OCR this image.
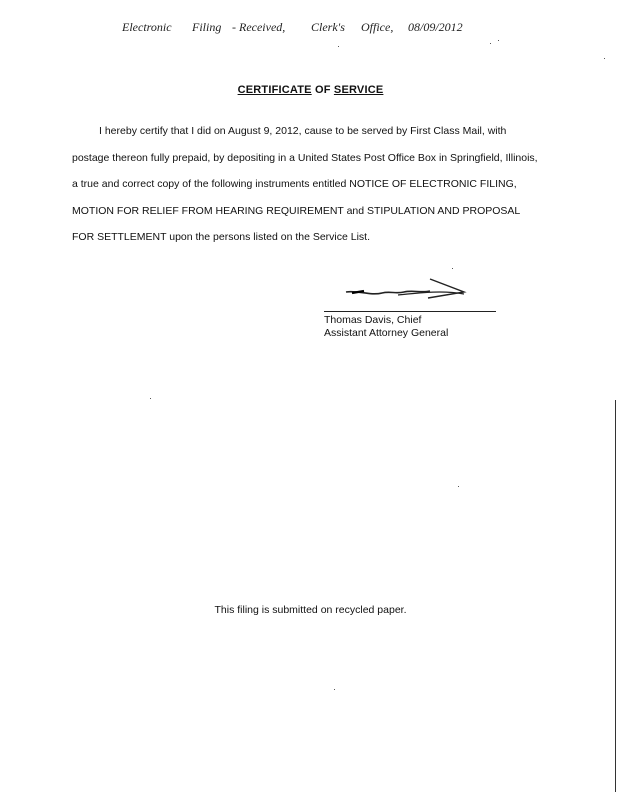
Electronic Filing - Received, Clerk's Office, 08/09/2012
CERTIFICATE OF SERVICE

I hereby certify that I did on August 9, 2012, cause to be served by First Class Mail, with postage thereon fully prepaid, by depositing in a United States Post Office Box in Springfield, Illinois, a true and correct copy of the following instruments entitled NOTICE OF ELECTRONIC FILING, MOTION FOR RELIEF FROM HEARING REQUIREMENT and STIPULATION AND PROPOSAL FOR SETTLEMENT upon the persons listed on the Service List.

Thomas Davis, Chief
Assistant Attorney General
This filing is submitted on recycled paper.
